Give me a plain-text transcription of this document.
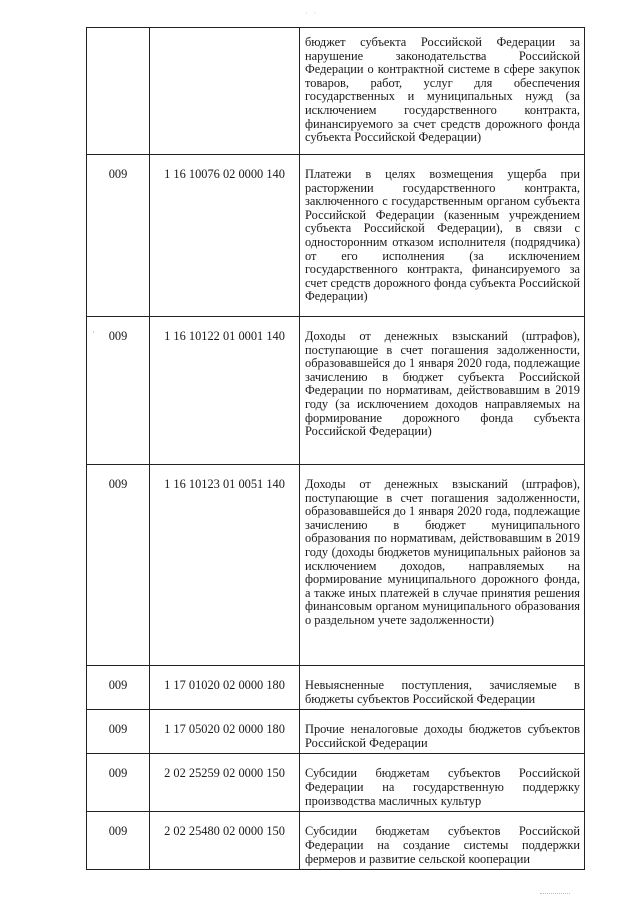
· ·
		бюджет субъекта Российской Федерации за нарушение законодательства Российской Федерации о контрактной системе в сфере закупок товаров, работ, услуг для обеспечения государственных и муниципальных нужд (за исключением государственного контракта, финансируемого за счет средств дорожного фонда субъекта Российской Федерации)
009	1 16 10076 02 0000 140	Платежи в целях возмещения ущерба при расторжении государственного контракта, заключенного с государственным органом субъекта Российской Федерации (казенным учреждением субъекта Российской Федерации), в связи с односторонним отказом исполнителя (подрядчика) от его исполнения (за исключением государственного контракта, финансируемого за счет средств дорожного фонда субъекта Российской Федерации)
009	1 16 10122 01 0001 140	Доходы от денежных взысканий (штрафов), поступающие в счет погашения задолженности, образовавшейся до 1 января 2020 года, подлежащие зачислению в бюджет субъекта Российской Федерации по нормативам, действовавшим в 2019 году (за исключением доходов направляемых на формирование дорожного фонда субъекта Российской Федерации)
009	1 16 10123 01 0051 140	Доходы от денежных взысканий (штрафов), поступающие в счет погашения задолженности, образовавшейся до 1 января 2020 года, подлежащие зачислению в бюджет муниципального образования по нормативам, действовавшим в 2019 году (доходы бюджетов муниципальных районов за исключением доходов, направляемых на формирование муниципального дорожного фонда, а также иных платежей в случае принятия решения финансовым органом муниципального образования о раздельном учете задолженности)
009	1 17 01020 02 0000 180	Невыясненные поступления, зачисляемые в бюджеты субъектов Российской Федерации
009	1 17 05020 02 0000 180	Прочие неналоговые доходы бюджетов субъектов Российской Федерации
009	2 02 25259 02 0000 150	Субсидии бюджетам субъектов Российской Федерации на государственную поддержку производства масличных культур
009	2 02 25480 02 0000 150	Субсидии бюджетам субъектов Российской Федерации на создание системы поддержки фермеров и развитие сельской кооперации
·
